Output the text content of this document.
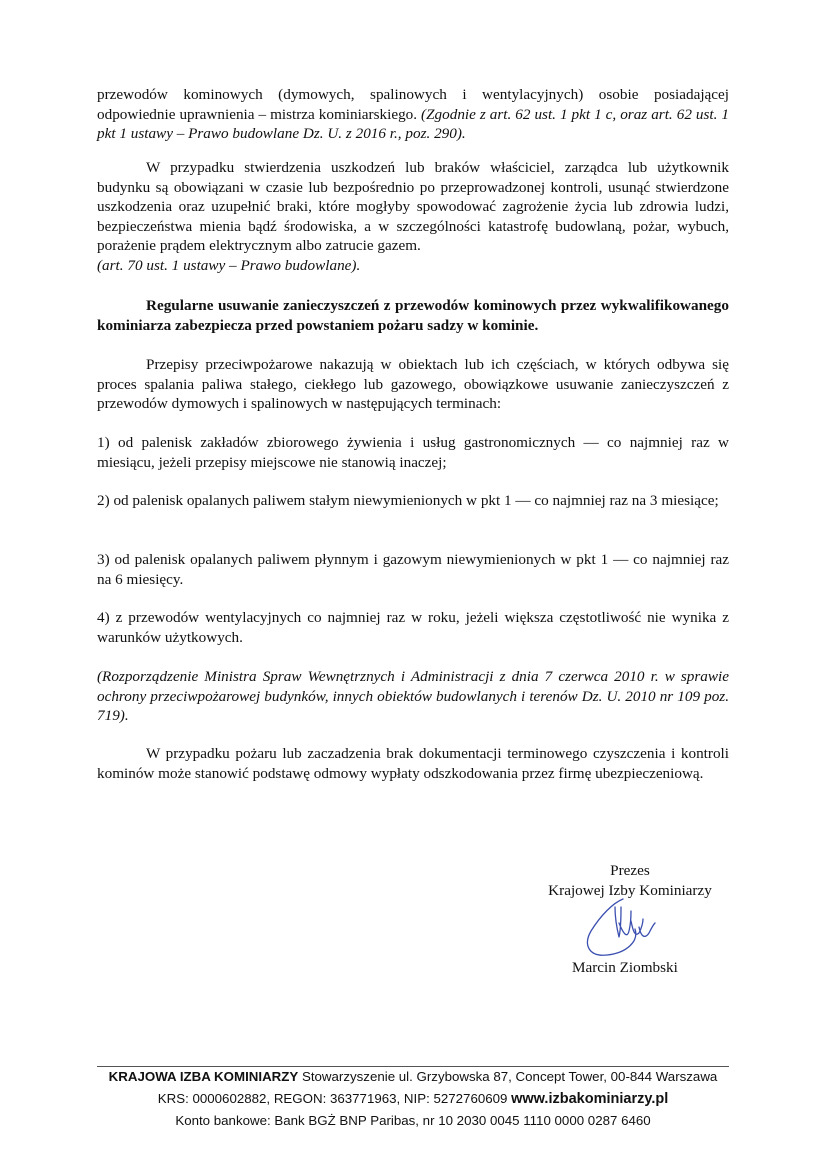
przewodów kominowych (dymowych, spalinowych i wentylacyjnych) osobie posiadającej odpowiednie uprawnienia – mistrza kominiarskiego. (Zgodnie z art. 62 ust. 1 pkt 1 c, oraz art. 62 ust. 1 pkt 1 ustawy – Prawo budowlane Dz. U. z 2016 r., poz. 290).

W przypadku stwierdzenia uszkodzeń lub braków właściciel, zarządca lub użytkownik budynku są obowiązani w czasie lub bezpośrednio po przeprowadzonej kontroli, usunąć stwierdzone uszkodzenia oraz uzupełnić braki, które mogłyby spowodować zagrożenie życia lub zdrowia ludzi, bezpieczeństwa mienia bądź środowiska, a w szczególności katastrofę budowlaną, pożar, wybuch, porażenie prądem elektrycznym albo zatrucie gazem.

(art. 70 ust. 1 ustawy – Prawo budowlane).

Regularne usuwanie zanieczyszczeń z przewodów kominowych przez wykwalifikowanego kominiarza zabezpiecza przed powstaniem pożaru sadzy w kominie.

Przepisy przeciwpożarowe nakazują w obiektach lub ich częściach, w których odbywa się proces spalania paliwa stałego, ciekłego lub gazowego, obowiązkowe usuwanie zanieczyszczeń z przewodów dymowych i spalinowych w następujących terminach:

1) od palenisk zakładów zbiorowego żywienia i usług gastronomicznych — co najmniej raz w miesiącu, jeżeli przepisy miejscowe nie stanowią inaczej;

2) od palenisk opalanych paliwem stałym niewymienionych w pkt 1 — co najmniej raz na 3 miesiące;

3) od palenisk opalanych paliwem płynnym i gazowym niewymienionych w pkt 1 — co najmniej raz na 6 miesięcy.

4) z przewodów wentylacyjnych co najmniej raz w roku, jeżeli większa częstotliwość nie wynika z warunków użytkowych.

(Rozporządzenie Ministra Spraw Wewnętrznych i Administracji z dnia 7 czerwca 2010 r. w sprawie ochrony przeciwpożarowej budynków, innych obiektów budowlanych i terenów Dz. U. 2010 nr 109 poz. 719).

W przypadku pożaru lub zaczadzenia brak dokumentacji terminowego czyszczenia i kontroli kominów może stanowić podstawę odmowy wypłaty odszkodowania przez firmę ubezpieczeniową.

Prezes
Krajowej Izby Kominiarzy
Marcin Ziombski
KRAJOWA IZBA KOMINIARZY Stowarzyszenie ul. Grzybowska 87, Concept Tower, 00-844 Warszawa
KRS: 0000602882, REGON: 363771963, NIP: 5272760609 www.izbakominiarzy.pl
Konto bankowe: Bank BGŻ BNP Paribas, nr 10 2030 0045 1110 0000 0287 6460
